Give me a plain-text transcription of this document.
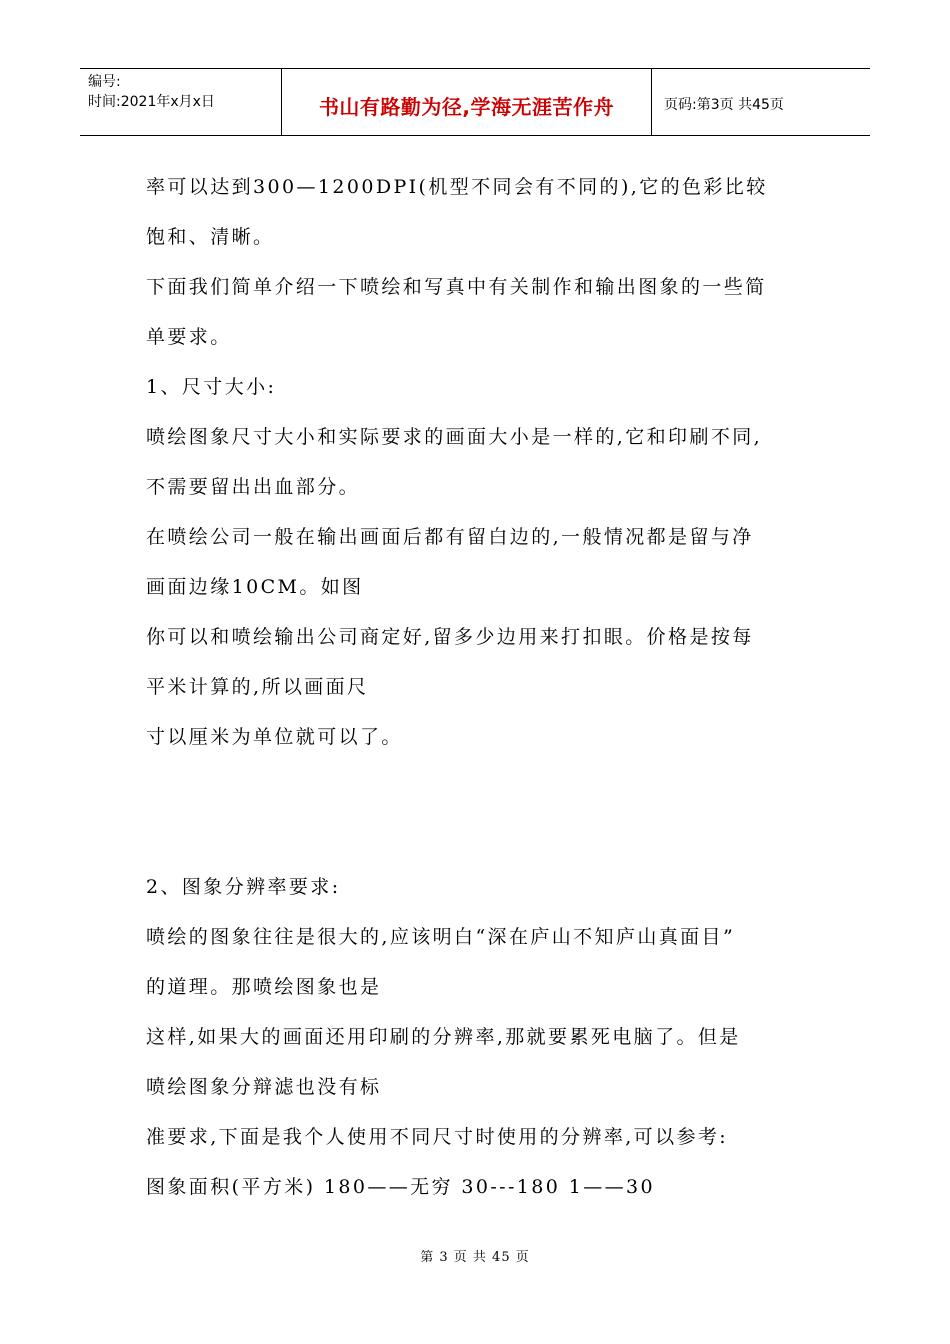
编号:
时间:2021年x月x日	书山有路勤为径,学海无涯苦作舟	页码:第3页 共45页

率可以达到300—1200DPI(机型不同会有不同的),它的色彩比较

饱和、清晰。

下面我们简单介绍一下喷绘和写真中有关制作和输出图象的一些简

单要求。

1、尺寸大小:

喷绘图象尺寸大小和实际要求的画面大小是一样的,它和印刷不同,

不需要留出出血部分。

在喷绘公司一般在输出画面后都有留白边的,一般情况都是留与净

画面边缘10CM。如图

你可以和喷绘输出公司商定好,留多少边用来打扣眼。价格是按每

平米计算的,所以画面尺

寸以厘米为单位就可以了。

2、图象分辨率要求:

喷绘的图象往往是很大的,应该明白“深在庐山不知庐山真面目”

的道理。那喷绘图象也是

这样,如果大的画面还用印刷的分辨率,那就要累死电脑了。但是

喷绘图象分辩滤也没有标

准要求,下面是我个人使用不同尺寸时使用的分辨率,可以参考:

图象面积(平方米) 180——无穷 30---180 1——30

第 3 页 共 45 页
